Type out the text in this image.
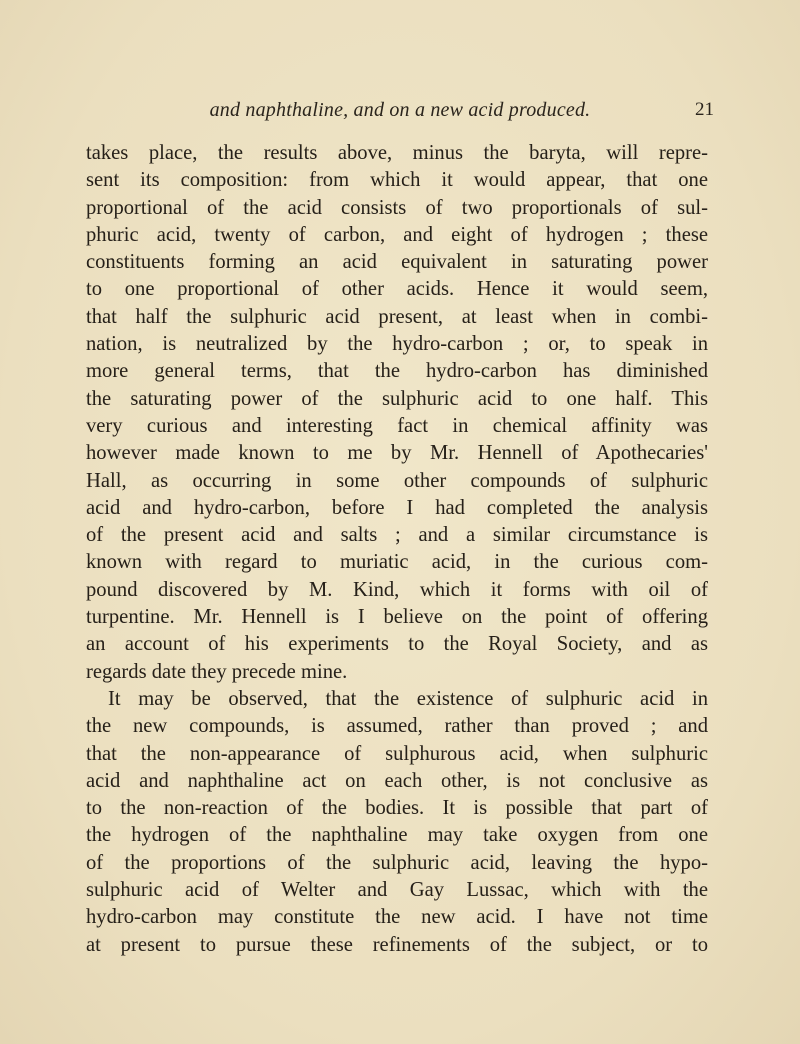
and naphthaline, and on a new acid produced.	21
takes place, the results above, minus the baryta, will repre-
sent its composition: from which it would appear, that one
proportional of the acid consists of two proportionals of sul-
phuric acid, twenty of carbon, and eight of hydrogen ; these
constituents forming an acid equivalent in saturating power
to one proportional of other acids. Hence it would seem,
that half the sulphuric acid present, at least when in combi-
nation, is neutralized by the hydro-carbon ; or, to speak in
more general terms, that the hydro-carbon has diminished
the saturating power of the sulphuric acid to one half. This
very curious and interesting fact in chemical affinity was
however made known to me by Mr. Hennell of Apothecaries'
Hall, as occurring in some other compounds of sulphuric
acid and hydro-carbon, before I had completed the analysis
of the present acid and salts ; and a similar circumstance is
known with regard to muriatic acid, in the curious com-
pound discovered by M. Kind, which it forms with oil of
turpentine. Mr. Hennell is I believe on the point of offering
an account of his experiments to the Royal Society, and as
regards date they precede mine.
It may be observed, that the existence of sulphuric acid in
the new compounds, is assumed, rather than proved ; and
that the non-appearance of sulphurous acid, when sulphuric
acid and naphthaline act on each other, is not conclusive as
to the non-reaction of the bodies. It is possible that part of
the hydrogen of the naphthaline may take oxygen from one
of the proportions of the sulphuric acid, leaving the hypo-
sulphuric acid of Welter and Gay Lussac, which with the
hydro-carbon may constitute the new acid. I have not time
at present to pursue these refinements of the subject, or to
